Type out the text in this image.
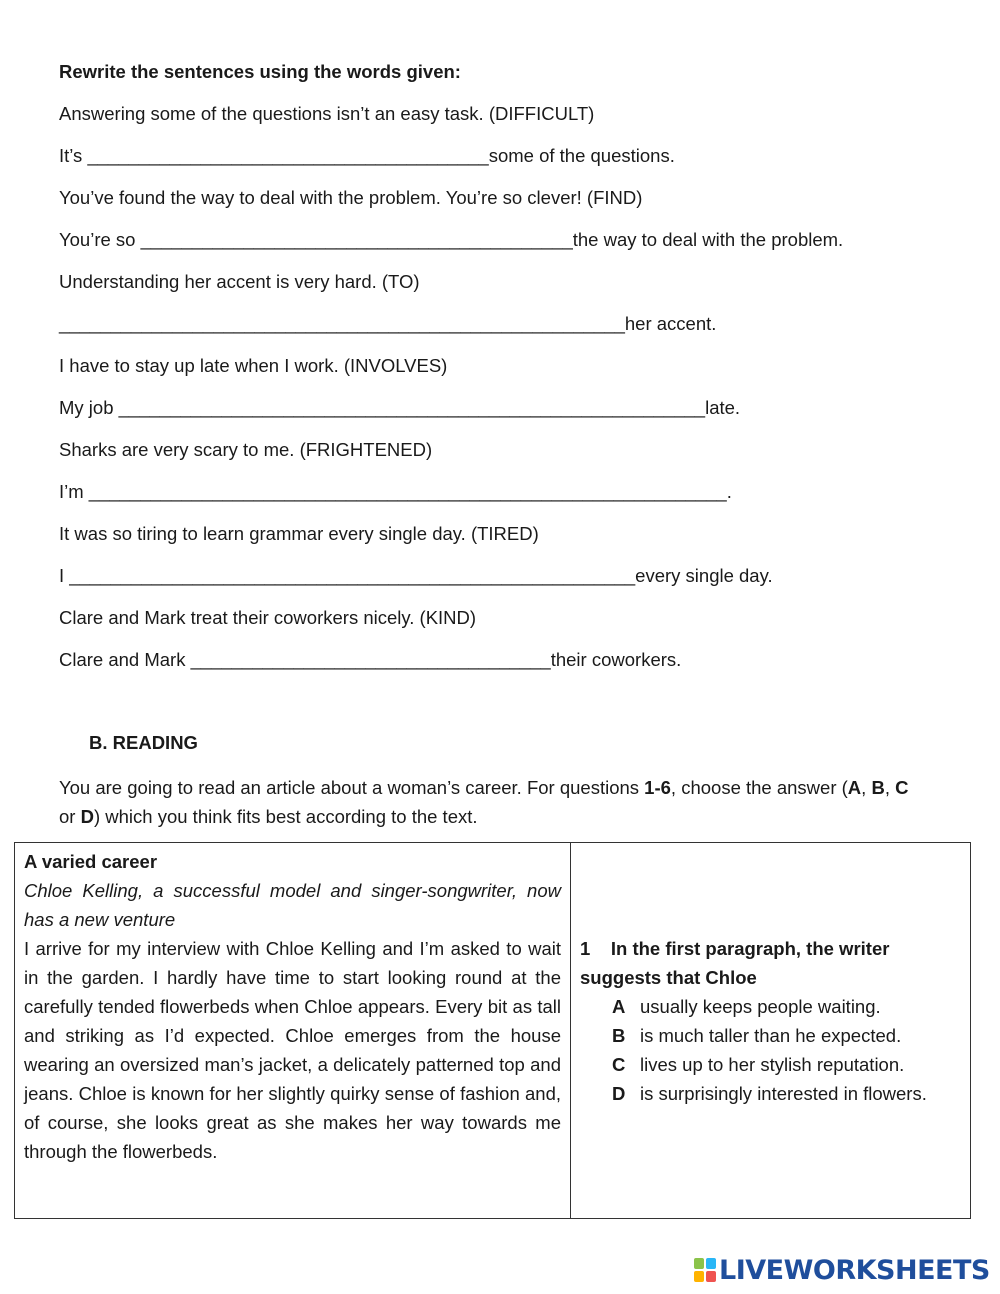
Rewrite the sentences using the words given:
Answering some of the questions isn’t an easy task. (DIFFICULT)
It’s _______________________________________some of the questions.
You’ve found the way to deal with the problem. You’re so clever! (FIND)
You’re so __________________________________________the way to deal with the problem.
Understanding her accent is very hard. (TO)
_______________________________________________________her accent.
I have to stay up late when I work. (INVOLVES)
My job _________________________________________________________late.
Sharks are very scary to me. (FRIGHTENED)
I’m ______________________________________________________________.
It was so tiring to learn grammar every single day. (TIRED)
I _______________________________________________________every single day.
Clare and Mark treat their coworkers nicely. (KIND)
Clare and Mark ___________________________________their coworkers.
B. READING
You are going to read an article about a woman’s career. For questions 1-6, choose the answer (A, B, C or D) which you think fits best according to the text.
A varied career
Chloe Kelling, a successful model and singer-songwriter, now has a new venture
I arrive for my interview with Chloe Kelling and I’m asked to wait in the garden. I hardly have time to start looking round at the carefully tended flowerbeds when Chloe appears. Every bit as tall and striking as I’d expected. Chloe emerges from the house wearing an oversized man’s jacket, a delicately patterned top and jeans. Chloe is known for her slightly quirky sense of fashion and, of course, she looks great as she makes her way towards me through the flowerbeds.

1 In the first paragraph, the writer suggests that Chloe
A usually keeps people waiting.
B is much taller than he expected.
C lives up to her stylish reputation.
D is surprisingly interested in flowers.
LIVEWORKSHEETS
